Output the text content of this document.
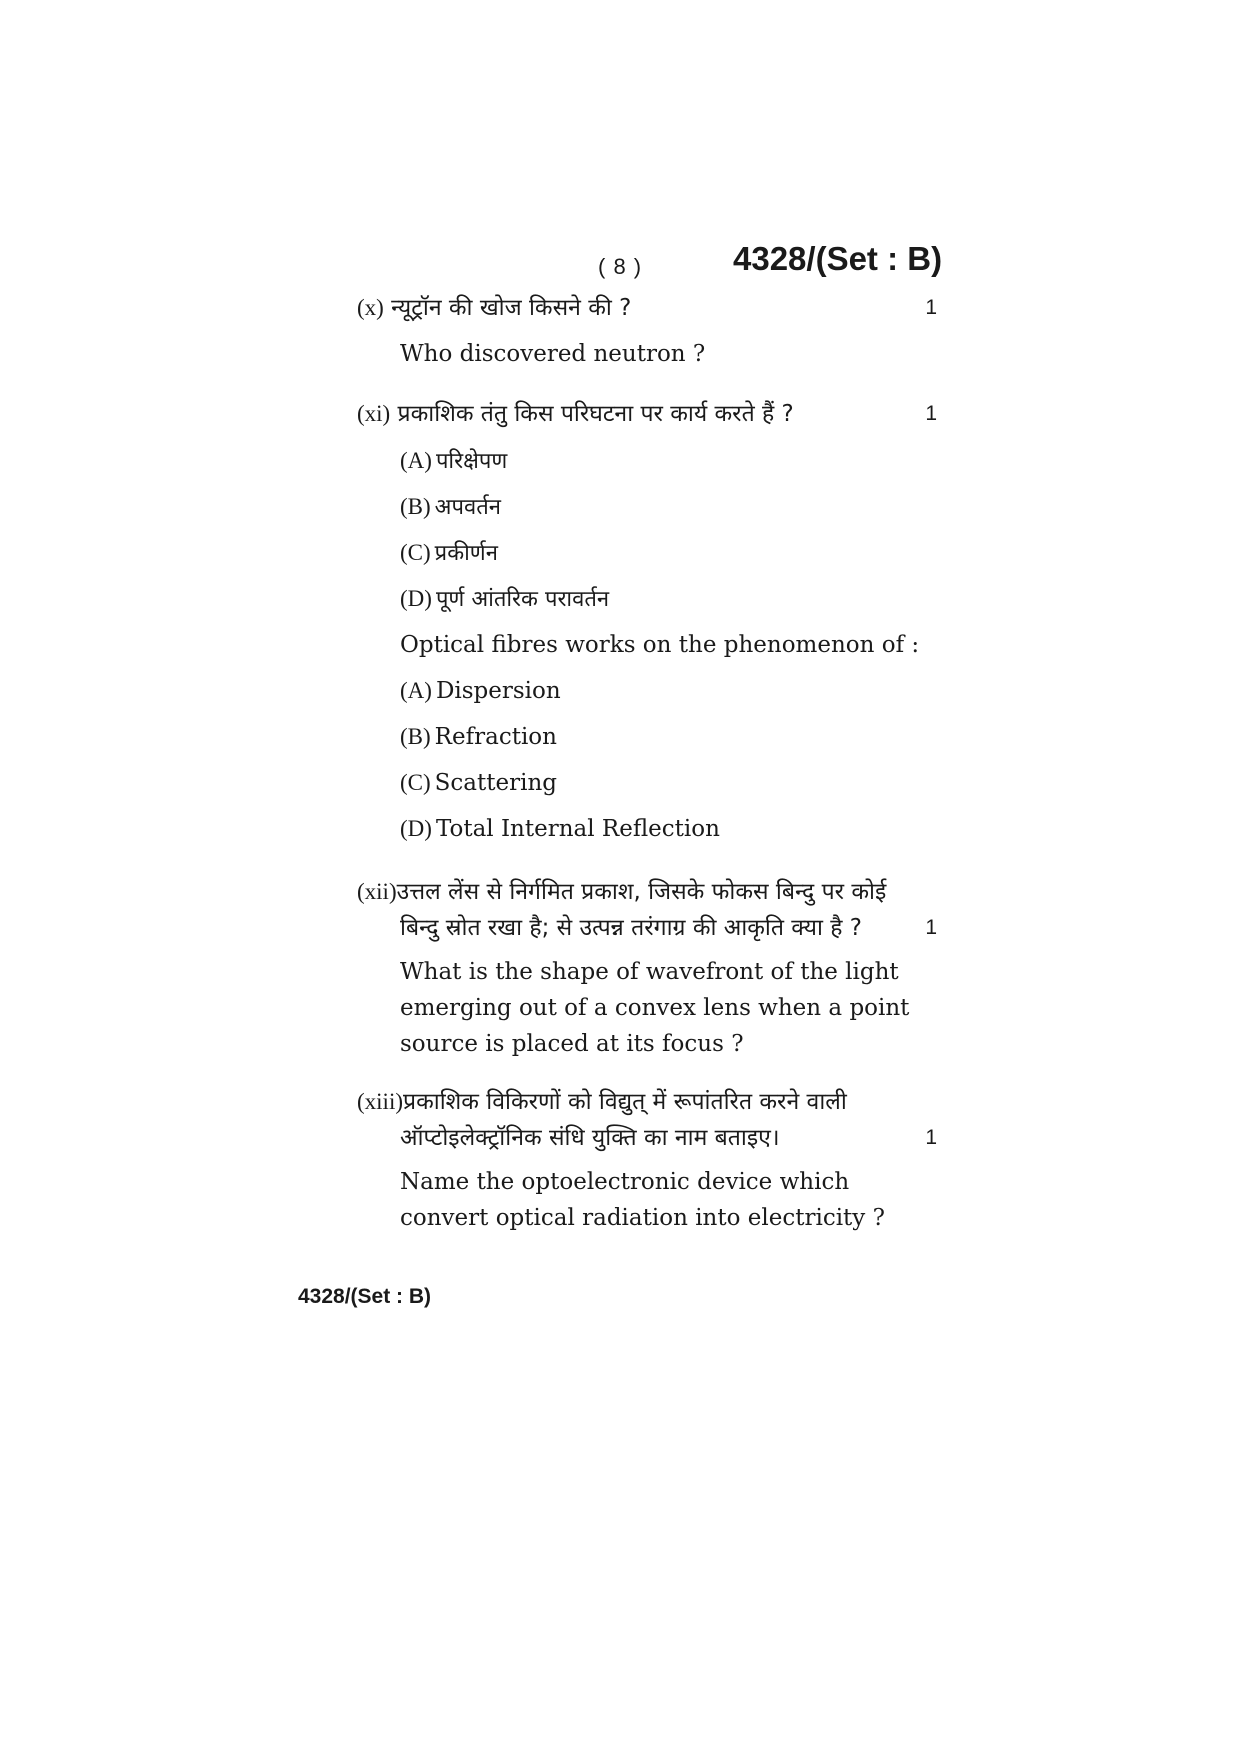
( 8 )	4328/(Set : B)
(x) न्यूट्रॉन की खोज किसने की ?	1
Who discovered neutron ?
(xi) प्रकाशिक तंतु किस परिघटना पर कार्य करते हैं ?	1
(A) परिक्षेपण
(B) अपवर्तन
(C) प्रकीर्णन
(D) पूर्ण आंतरिक परावर्तन
Optical fibres works on the phenomenon of :
(A) Dispersion
(B) Refraction
(C) Scattering
(D) Total Internal Reflection
(xii)उत्तल लेंस से निर्गमित प्रकाश, जिसके फोकस बिन्दु पर कोई
बिन्दु स्रोत रखा है; से उत्पन्न तरंगाग्र की आकृति क्या है ?	1
What is the shape of wavefront of the light emerging out of a convex lens when a point source is placed at its focus ?
(xiii)प्रकाशिक विकिरणों को विद्युत् में रूपांतरित करने वाली
ऑप्टोइलेक्ट्रॉनिक संधि युक्ति का नाम बताइए।	1
Name the optoelectronic device which convert optical radiation into electricity ?
4328/(Set : B)
